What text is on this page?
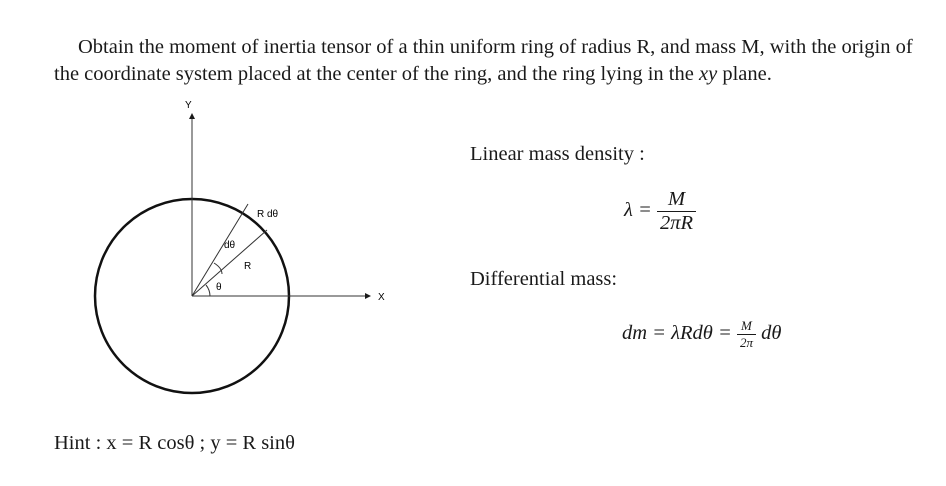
Obtain the moment of inertia tensor of a thin uniform ring of radius R, and mass M, with the origin of the coordinate system placed at the center of the ring, and the ring lying in the xy plane.

Y
X
R dθ
dθ
R
θ
Linear mass density :
$\lambda = \frac{M}{2\pi R}$
Differential mass:
dm = $\lambda Rd\theta = \frac{M}{2\pi}$ dθ
Hint : x = R cosθ ; y = R sinθ
